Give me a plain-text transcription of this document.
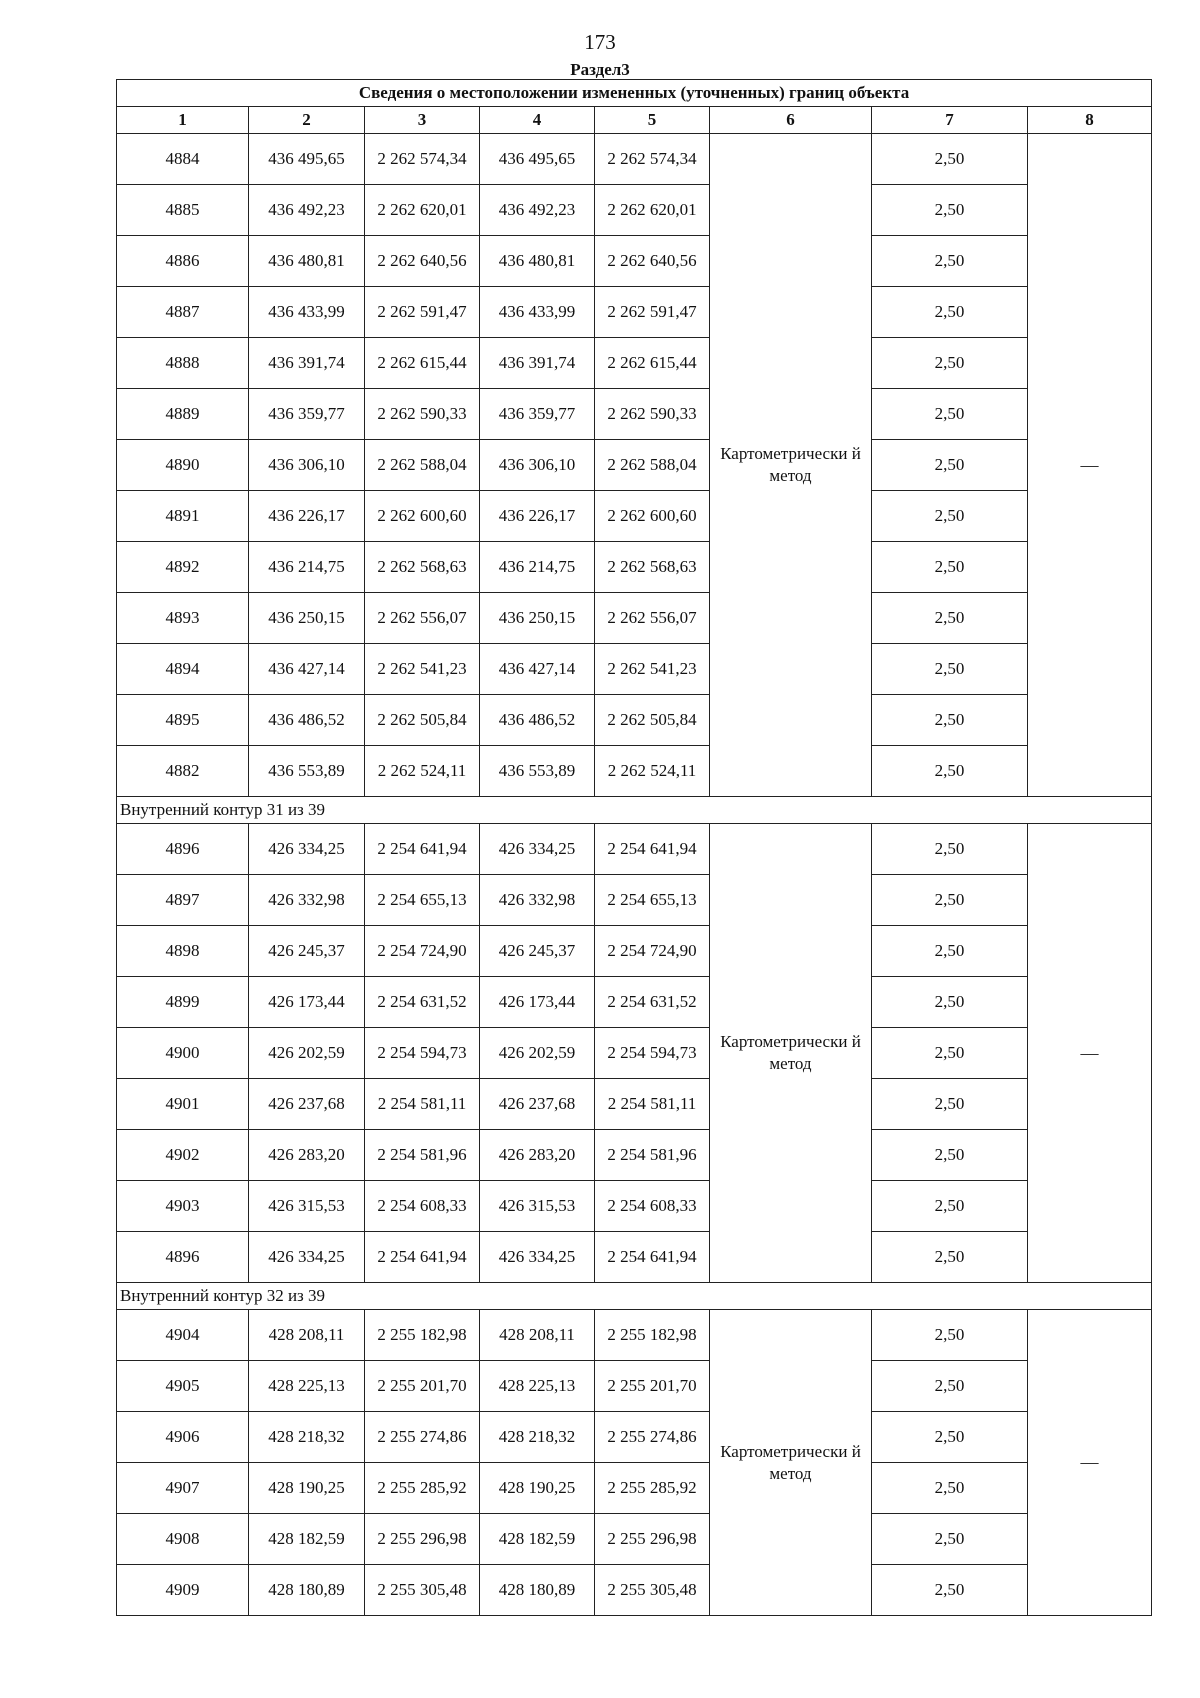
173
Раздел3
Сведения о местоположении измененных (уточненных) границ объекта							
1	2	3	4	5	6	7	8
4884	436 495,65	2 262 574,34	436 495,65	2 262 574,34	Картометрически й метод	2,50	—
4885	436 492,23	2 262 620,01	436 492,23	2 262 620,01		2,50	
4886	436 480,81	2 262 640,56	436 480,81	2 262 640,56		2,50	
4887	436 433,99	2 262 591,47	436 433,99	2 262 591,47		2,50	
4888	436 391,74	2 262 615,44	436 391,74	2 262 615,44		2,50	
4889	436 359,77	2 262 590,33	436 359,77	2 262 590,33		2,50	
4890	436 306,10	2 262 588,04	436 306,10	2 262 588,04		2,50	
4891	436 226,17	2 262 600,60	436 226,17	2 262 600,60		2,50	
4892	436 214,75	2 262 568,63	436 214,75	2 262 568,63		2,50	
4893	436 250,15	2 262 556,07	436 250,15	2 262 556,07		2,50	
4894	436 427,14	2 262 541,23	436 427,14	2 262 541,23		2,50	
4895	436 486,52	2 262 505,84	436 486,52	2 262 505,84		2,50	
4882	436 553,89	2 262 524,11	436 553,89	2 262 524,11		2,50	
Внутренний контур 31 из 39							
4896	426 334,25	2 254 641,94	426 334,25	2 254 641,94	Картометрически й метод	2,50	—
4897	426 332,98	2 254 655,13	426 332,98	2 254 655,13		2,50	
4898	426 245,37	2 254 724,90	426 245,37	2 254 724,90		2,50	
4899	426 173,44	2 254 631,52	426 173,44	2 254 631,52		2,50	
4900	426 202,59	2 254 594,73	426 202,59	2 254 594,73		2,50	
4901	426 237,68	2 254 581,11	426 237,68	2 254 581,11		2,50	
4902	426 283,20	2 254 581,96	426 283,20	2 254 581,96		2,50	
4903	426 315,53	2 254 608,33	426 315,53	2 254 608,33		2,50	
4896	426 334,25	2 254 641,94	426 334,25	2 254 641,94		2,50	
Внутренний контур 32 из 39							
4904	428 208,11	2 255 182,98	428 208,11	2 255 182,98	Картометрически й метод	2,50	—
4905	428 225,13	2 255 201,70	428 225,13	2 255 201,70		2,50	
4906	428 218,32	2 255 274,86	428 218,32	2 255 274,86		2,50	
4907	428 190,25	2 255 285,92	428 190,25	2 255 285,92		2,50	
4908	428 182,59	2 255 296,98	428 182,59	2 255 296,98		2,50	
4909	428 180,89	2 255 305,48	428 180,89	2 255 305,48		2,50	
